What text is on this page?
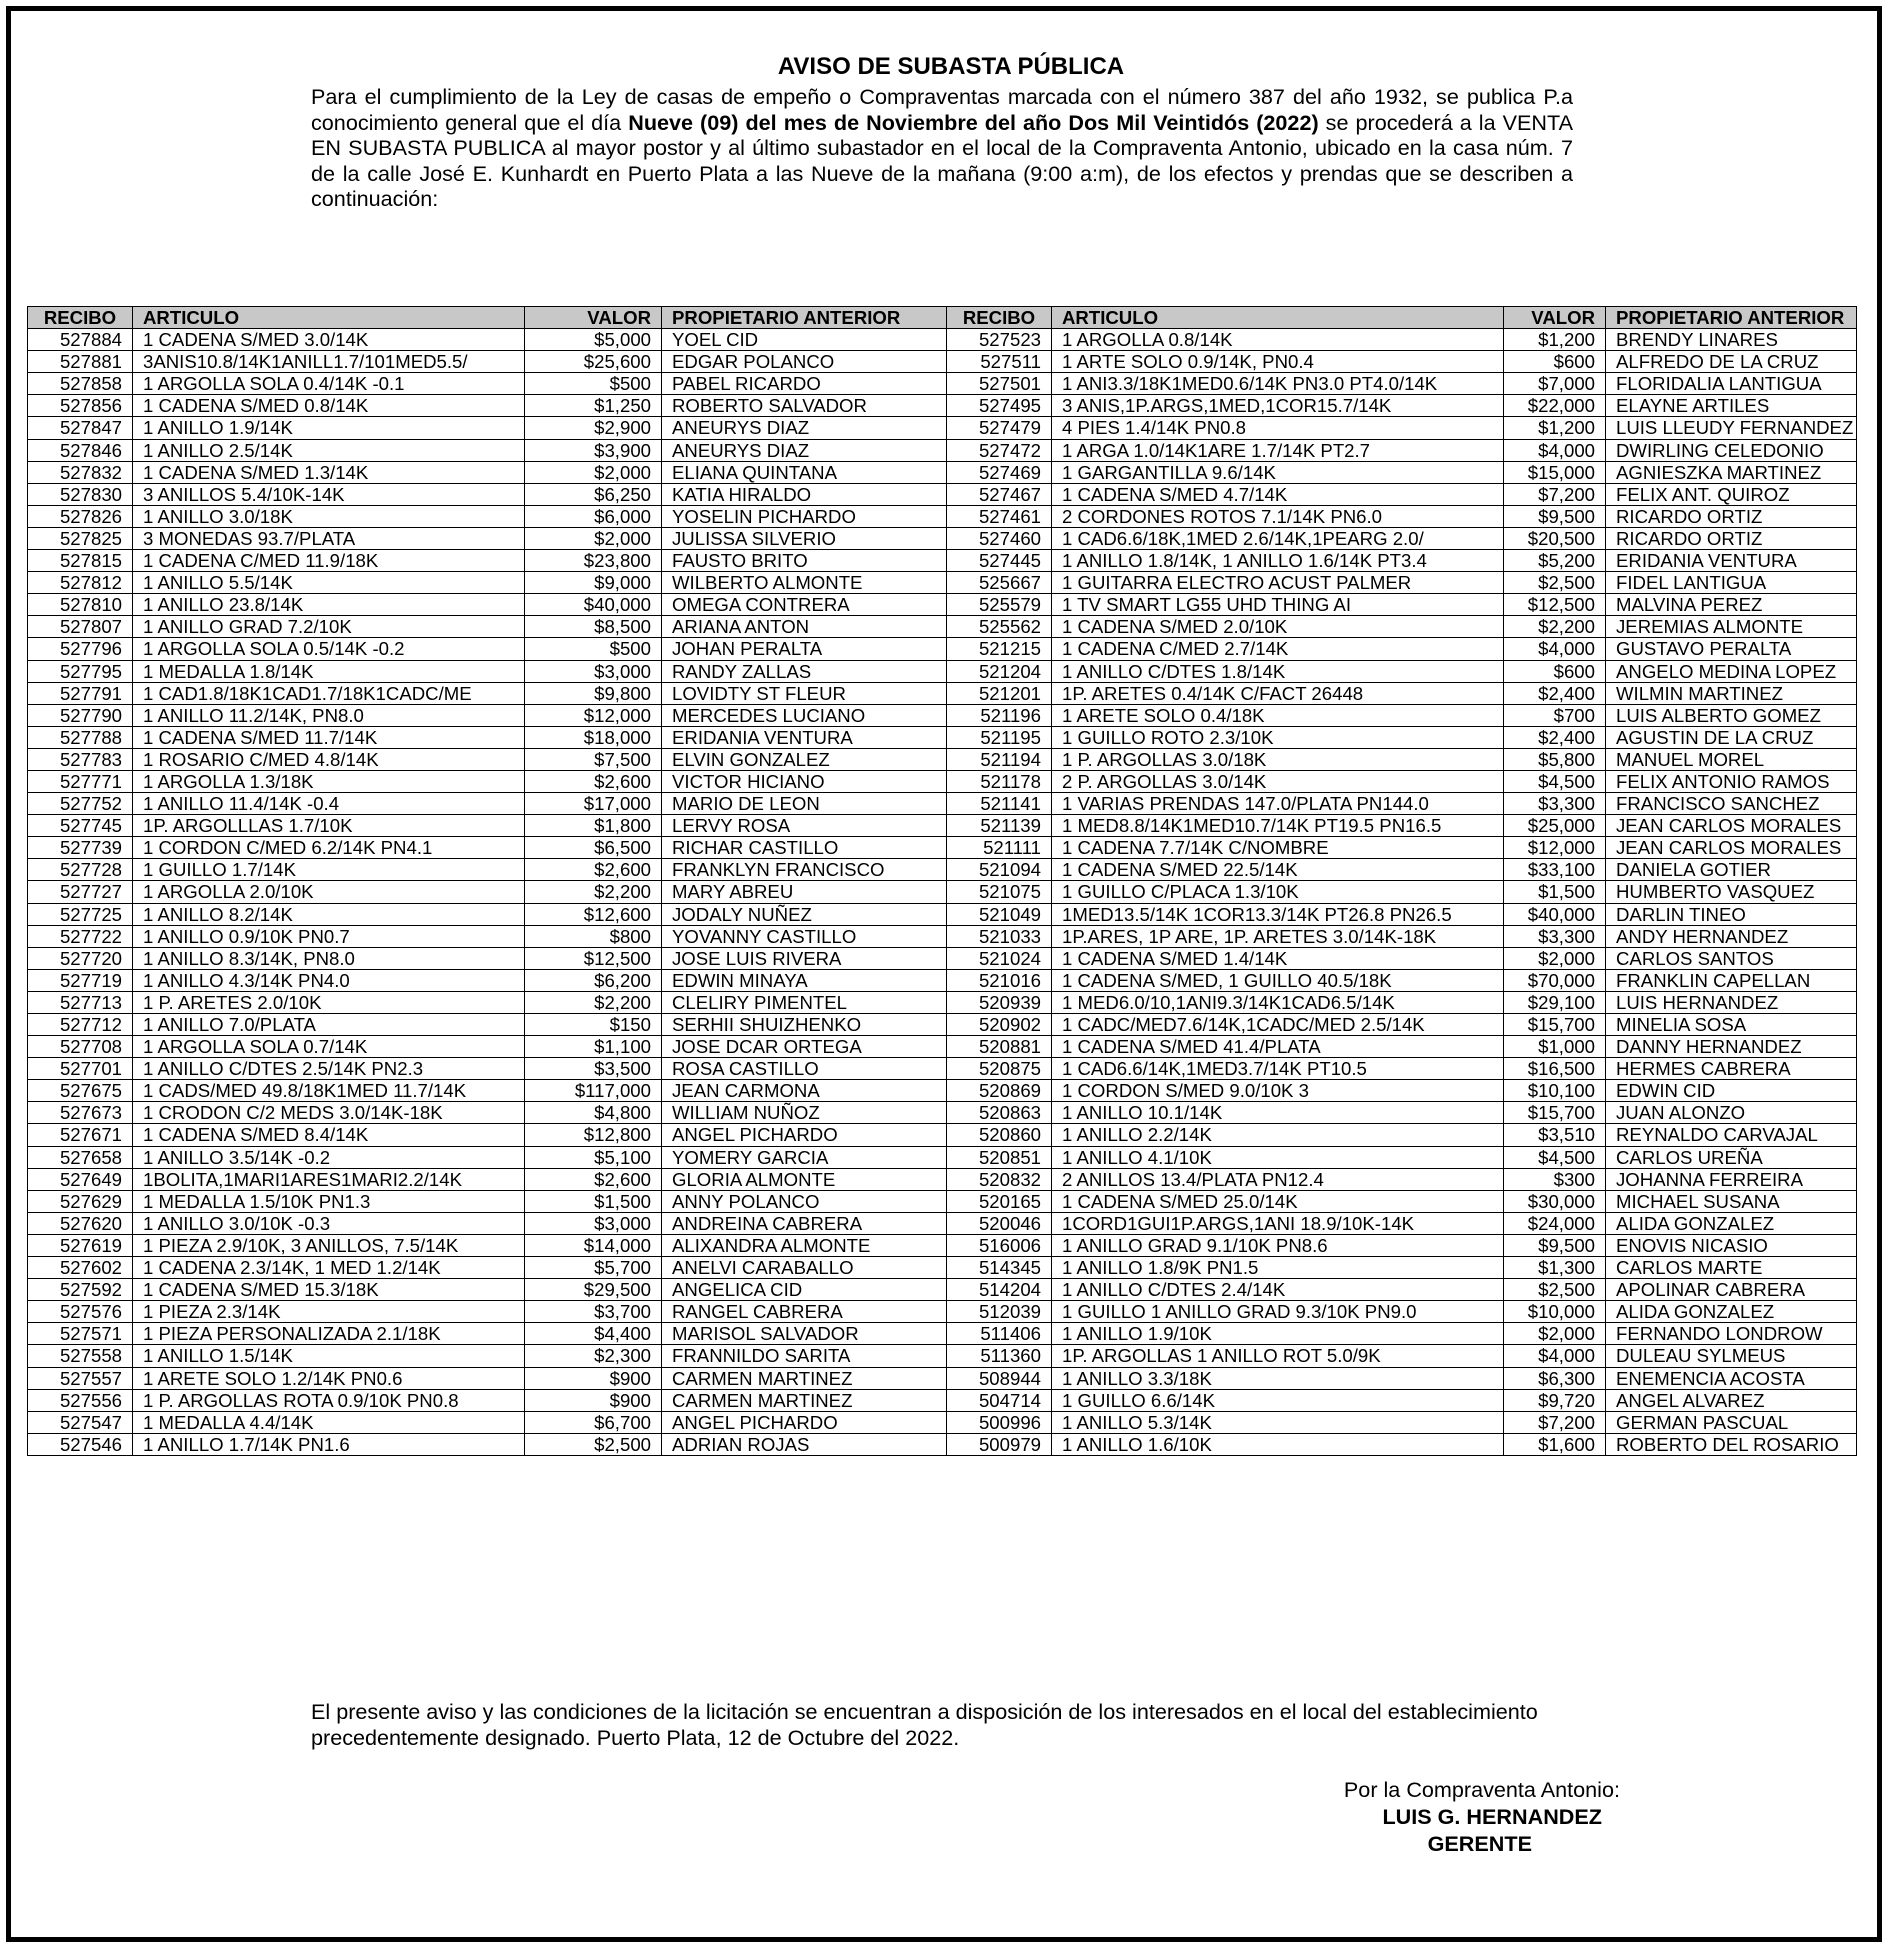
AVISO DE SUBASTA PÚBLICA
Para el cumplimiento de la Ley de casas de empeño o Compraventas marcada con el número 387 del año 1932, se publica P.a conocimiento general que el día Nueve (09) del mes de Noviembre del año Dos Mil Veintidós (2022) se procederá a la VENTA EN SUBASTA PUBLICA al mayor postor y al último subastador en el local de la Compraventa Antonio, ubicado en la casa núm. 7 de la calle José E. Kunhardt en Puerto Plata a las Nueve de la mañana (9:00 a:m), de los efectos y prendas que se describen a continuación:
RECIBO	ARTICULO	VALOR	PROPIETARIO ANTERIOR	RECIBO	ARTICULO	VALOR	PROPIETARIO ANTERIOR
527884	1 CADENA S/MED 3.0/14K	$5,000	YOEL CID	527523	1 ARGOLLA 0.8/14K	$1,200	BRENDY LINARES
527881	3ANIS10.8/14K1ANILL1.7/101MED5.5/	$25,600	EDGAR POLANCO	527511	1 ARTE SOLO 0.9/14K, PN0.4	$600	ALFREDO DE LA CRUZ
527858	1 ARGOLLA SOLA 0.4/14K -0.1	$500	PABEL RICARDO	527501	1 ANI3.3/18K1MED0.6/14K PN3.0 PT4.0/14K	$7,000	FLORIDALIA LANTIGUA
527856	1 CADENA S/MED 0.8/14K	$1,250	ROBERTO SALVADOR	527495	3 ANIS,1P.ARGS,1MED,1COR15.7/14K	$22,000	ELAYNE ARTILES
527847	1 ANILLO 1.9/14K	$2,900	ANEURYS DIAZ	527479	4 PIES 1.4/14K PN0.8	$1,200	LUIS LLEUDY FERNANDEZ
527846	1 ANILLO 2.5/14K	$3,900	ANEURYS DIAZ	527472	1 ARGA 1.0/14K1ARE 1.7/14K PT2.7	$4,000	DWIRLING CELEDONIO
527832	1 CADENA S/MED 1.3/14K	$2,000	ELIANA QUINTANA	527469	1 GARGANTILLA 9.6/14K	$15,000	AGNIESZKA MARTINEZ
527830	3 ANILLOS 5.4/10K-14K	$6,250	KATIA HIRALDO	527467	1 CADENA S/MED 4.7/14K	$7,200	FELIX ANT. QUIROZ
527826	1 ANILLO 3.0/18K	$6,000	YOSELIN PICHARDO	527461	2 CORDONES ROTOS 7.1/14K PN6.0	$9,500	RICARDO ORTIZ
527825	3 MONEDAS 93.7/PLATA	$2,000	JULISSA SILVERIO	527460	1 CAD6.6/18K,1MED 2.6/14K,1PEARG 2.0/	$20,500	RICARDO ORTIZ
527815	1 CADENA C/MED 11.9/18K	$23,800	FAUSTO BRITO	527445	1 ANILLO 1.8/14K, 1 ANILLO 1.6/14K PT3.4	$5,200	ERIDANIA VENTURA
527812	1 ANILLO 5.5/14K	$9,000	WILBERTO ALMONTE	525667	1 GUITARRA ELECTRO ACUST PALMER	$2,500	FIDEL LANTIGUA
527810	1 ANILLO 23.8/14K	$40,000	OMEGA CONTRERA	525579	1 TV SMART LG55 UHD THING AI	$12,500	MALVINA PEREZ
527807	1 ANILLO GRAD 7.2/10K	$8,500	ARIANA ANTON	525562	1 CADENA S/MED 2.0/10K	$2,200	JEREMIAS ALMONTE
527796	1 ARGOLLA SOLA 0.5/14K -0.2	$500	JOHAN PERALTA	521215	1 CADENA C/MED 2.7/14K	$4,000	GUSTAVO PERALTA
527795	1 MEDALLA 1.8/14K	$3,000	RANDY ZALLAS	521204	1 ANILLO C/DTES 1.8/14K	$600	ANGELO MEDINA LOPEZ
527791	1 CAD1.8/18K1CAD1.7/18K1CADC/ME	$9,800	LOVIDTY ST FLEUR	521201	1P. ARETES 0.4/14K C/FACT 26448	$2,400	WILMIN MARTINEZ
527790	1 ANILLO 11.2/14K, PN8.0	$12,000	MERCEDES LUCIANO	521196	1 ARETE SOLO 0.4/18K	$700	LUIS ALBERTO GOMEZ
527788	1 CADENA S/MED 11.7/14K	$18,000	ERIDANIA VENTURA	521195	1 GUILLO ROTO 2.3/10K	$2,400	AGUSTIN DE LA CRUZ
527783	1 ROSARIO C/MED 4.8/14K	$7,500	ELVIN GONZALEZ	521194	1 P. ARGOLLAS 3.0/18K	$5,800	MANUEL MOREL
527771	1 ARGOLLA 1.3/18K	$2,600	VICTOR HICIANO	521178	2 P. ARGOLLAS 3.0/14K	$4,500	FELIX ANTONIO RAMOS
527752	1 ANILLO 11.4/14K -0.4	$17,000	MARIO DE LEON	521141	1 VARIAS PRENDAS 147.0/PLATA PN144.0	$3,300	FRANCISCO SANCHEZ
527745	1P. ARGOLLLAS 1.7/10K	$1,800	LERVY ROSA	521139	1 MED8.8/14K1MED10.7/14K PT19.5 PN16.5	$25,000	JEAN CARLOS MORALES
527739	1 CORDON C/MED 6.2/14K PN4.1	$6,500	RICHAR CASTILLO	521111	1 CADENA 7.7/14K C/NOMBRE	$12,000	JEAN CARLOS MORALES
527728	1 GUILLO 1.7/14K	$2,600	FRANKLYN FRANCISCO	521094	1 CADENA S/MED 22.5/14K	$33,100	DANIELA GOTIER
527727	1 ARGOLLA 2.0/10K	$2,200	MARY ABREU	521075	1 GUILLO C/PLACA 1.3/10K	$1,500	HUMBERTO VASQUEZ
527725	1 ANILLO 8.2/14K	$12,600	JODALY NUÑEZ	521049	1MED13.5/14K 1COR13.3/14K PT26.8 PN26.5	$40,000	DARLIN TINEO
527722	1 ANILLO 0.9/10K PN0.7	$800	YOVANNY CASTILLO	521033	1P.ARES, 1P ARE, 1P. ARETES 3.0/14K-18K	$3,300	ANDY HERNANDEZ
527720	1 ANILLO 8.3/14K, PN8.0	$12,500	JOSE LUIS RIVERA	521024	1 CADENA S/MED 1.4/14K	$2,000	CARLOS SANTOS
527719	1 ANILLO 4.3/14K PN4.0	$6,200	EDWIN MINAYA	521016	1 CADENA S/MED, 1 GUILLO 40.5/18K	$70,000	FRANKLIN CAPELLAN
527713	1 P. ARETES 2.0/10K	$2,200	CLELIRY PIMENTEL	520939	1 MED6.0/10,1ANI9.3/14K1CAD6.5/14K	$29,100	LUIS HERNANDEZ
527712	1 ANILLO 7.0/PLATA	$150	SERHII SHUIZHENKO	520902	1 CADC/MED7.6/14K,1CADC/MED 2.5/14K	$15,700	MINELIA SOSA
527708	1 ARGOLLA SOLA 0.7/14K	$1,100	JOSE DCAR ORTEGA	520881	1 CADENA S/MED 41.4/PLATA	$1,000	DANNY HERNANDEZ
527701	1 ANILLO C/DTES 2.5/14K PN2.3	$3,500	ROSA CASTILLO	520875	1 CAD6.6/14K,1MED3.7/14K PT10.5	$16,500	HERMES CABRERA
527675	1 CADS/MED 49.8/18K1MED 11.7/14K	$117,000	JEAN CARMONA	520869	1 CORDON S/MED 9.0/10K 3	$10,100	EDWIN CID
527673	1 CRODON C/2 MEDS 3.0/14K-18K	$4,800	WILLIAM NUÑOZ	520863	1 ANILLO 10.1/14K	$15,700	JUAN ALONZO
527671	1 CADENA S/MED 8.4/14K	$12,800	ANGEL PICHARDO	520860	1 ANILLO 2.2/14K	$3,510	REYNALDO CARVAJAL
527658	1 ANILLO 3.5/14K -0.2	$5,100	YOMERY GARCIA	520851	1 ANILLO 4.1/10K	$4,500	CARLOS UREÑA
527649	1BOLITA,1MARI1ARES1MARI2.2/14K	$2,600	GLORIA ALMONTE	520832	2 ANILLOS 13.4/PLATA PN12.4	$300	JOHANNA FERREIRA
527629	1 MEDALLA 1.5/10K PN1.3	$1,500	ANNY POLANCO	520165	1 CADENA S/MED 25.0/14K	$30,000	MICHAEL SUSANA
527620	1 ANILLO 3.0/10K -0.3	$3,000	ANDREINA CABRERA	520046	1CORD1GUI1P.ARGS,1ANI 18.9/10K-14K	$24,000	ALIDA GONZALEZ
527619	1 PIEZA 2.9/10K, 3 ANILLOS, 7.5/14K	$14,000	ALIXANDRA ALMONTE	516006	1 ANILLO GRAD 9.1/10K PN8.6	$9,500	ENOVIS NICASIO
527602	1 CADENA 2.3/14K, 1 MED 1.2/14K	$5,700	ANELVI CARABALLO	514345	1 ANILLO 1.8/9K PN1.5	$1,300	CARLOS MARTE
527592	1 CADENA S/MED 15.3/18K	$29,500	ANGELICA CID	514204	1 ANILLO C/DTES 2.4/14K	$2,500	APOLINAR CABRERA
527576	1 PIEZA 2.3/14K	$3,700	RANGEL CABRERA	512039	1 GUILLO 1 ANILLO GRAD 9.3/10K PN9.0	$10,000	ALIDA GONZALEZ
527571	1 PIEZA PERSONALIZADA 2.1/18K	$4,400	MARISOL SALVADOR	511406	1 ANILLO 1.9/10K	$2,000	FERNANDO LONDROW
527558	1 ANILLO 1.5/14K	$2,300	FRANNILDO SARITA	511360	1P. ARGOLLAS 1 ANILLO ROT 5.0/9K	$4,000	DULEAU SYLMEUS
527557	1 ARETE SOLO 1.2/14K PN0.6	$900	CARMEN MARTINEZ	508944	1 ANILLO 3.3/18K	$6,300	ENEMENCIA ACOSTA
527556	1 P. ARGOLLAS ROTA 0.9/10K PN0.8	$900	CARMEN MARTINEZ	504714	1 GUILLO 6.6/14K	$9,720	ANGEL ALVAREZ
527547	1 MEDALLA 4.4/14K	$6,700	ANGEL PICHARDO	500996	1 ANILLO 5.3/14K	$7,200	GERMAN PASCUAL
527546	1 ANILLO 1.7/14K PN1.6	$2,500	ADRIAN ROJAS	500979	1 ANILLO 1.6/10K	$1,600	ROBERTO DEL ROSARIO
El presente aviso y las condiciones de la licitación se encuentran a disposición de los interesados en el local del establecimiento precedentemente designado. Puerto Plata, 12 de Octubre del 2022.
Por la Compraventa Antonio:
LUIS G. HERNANDEZ
GERENTE
